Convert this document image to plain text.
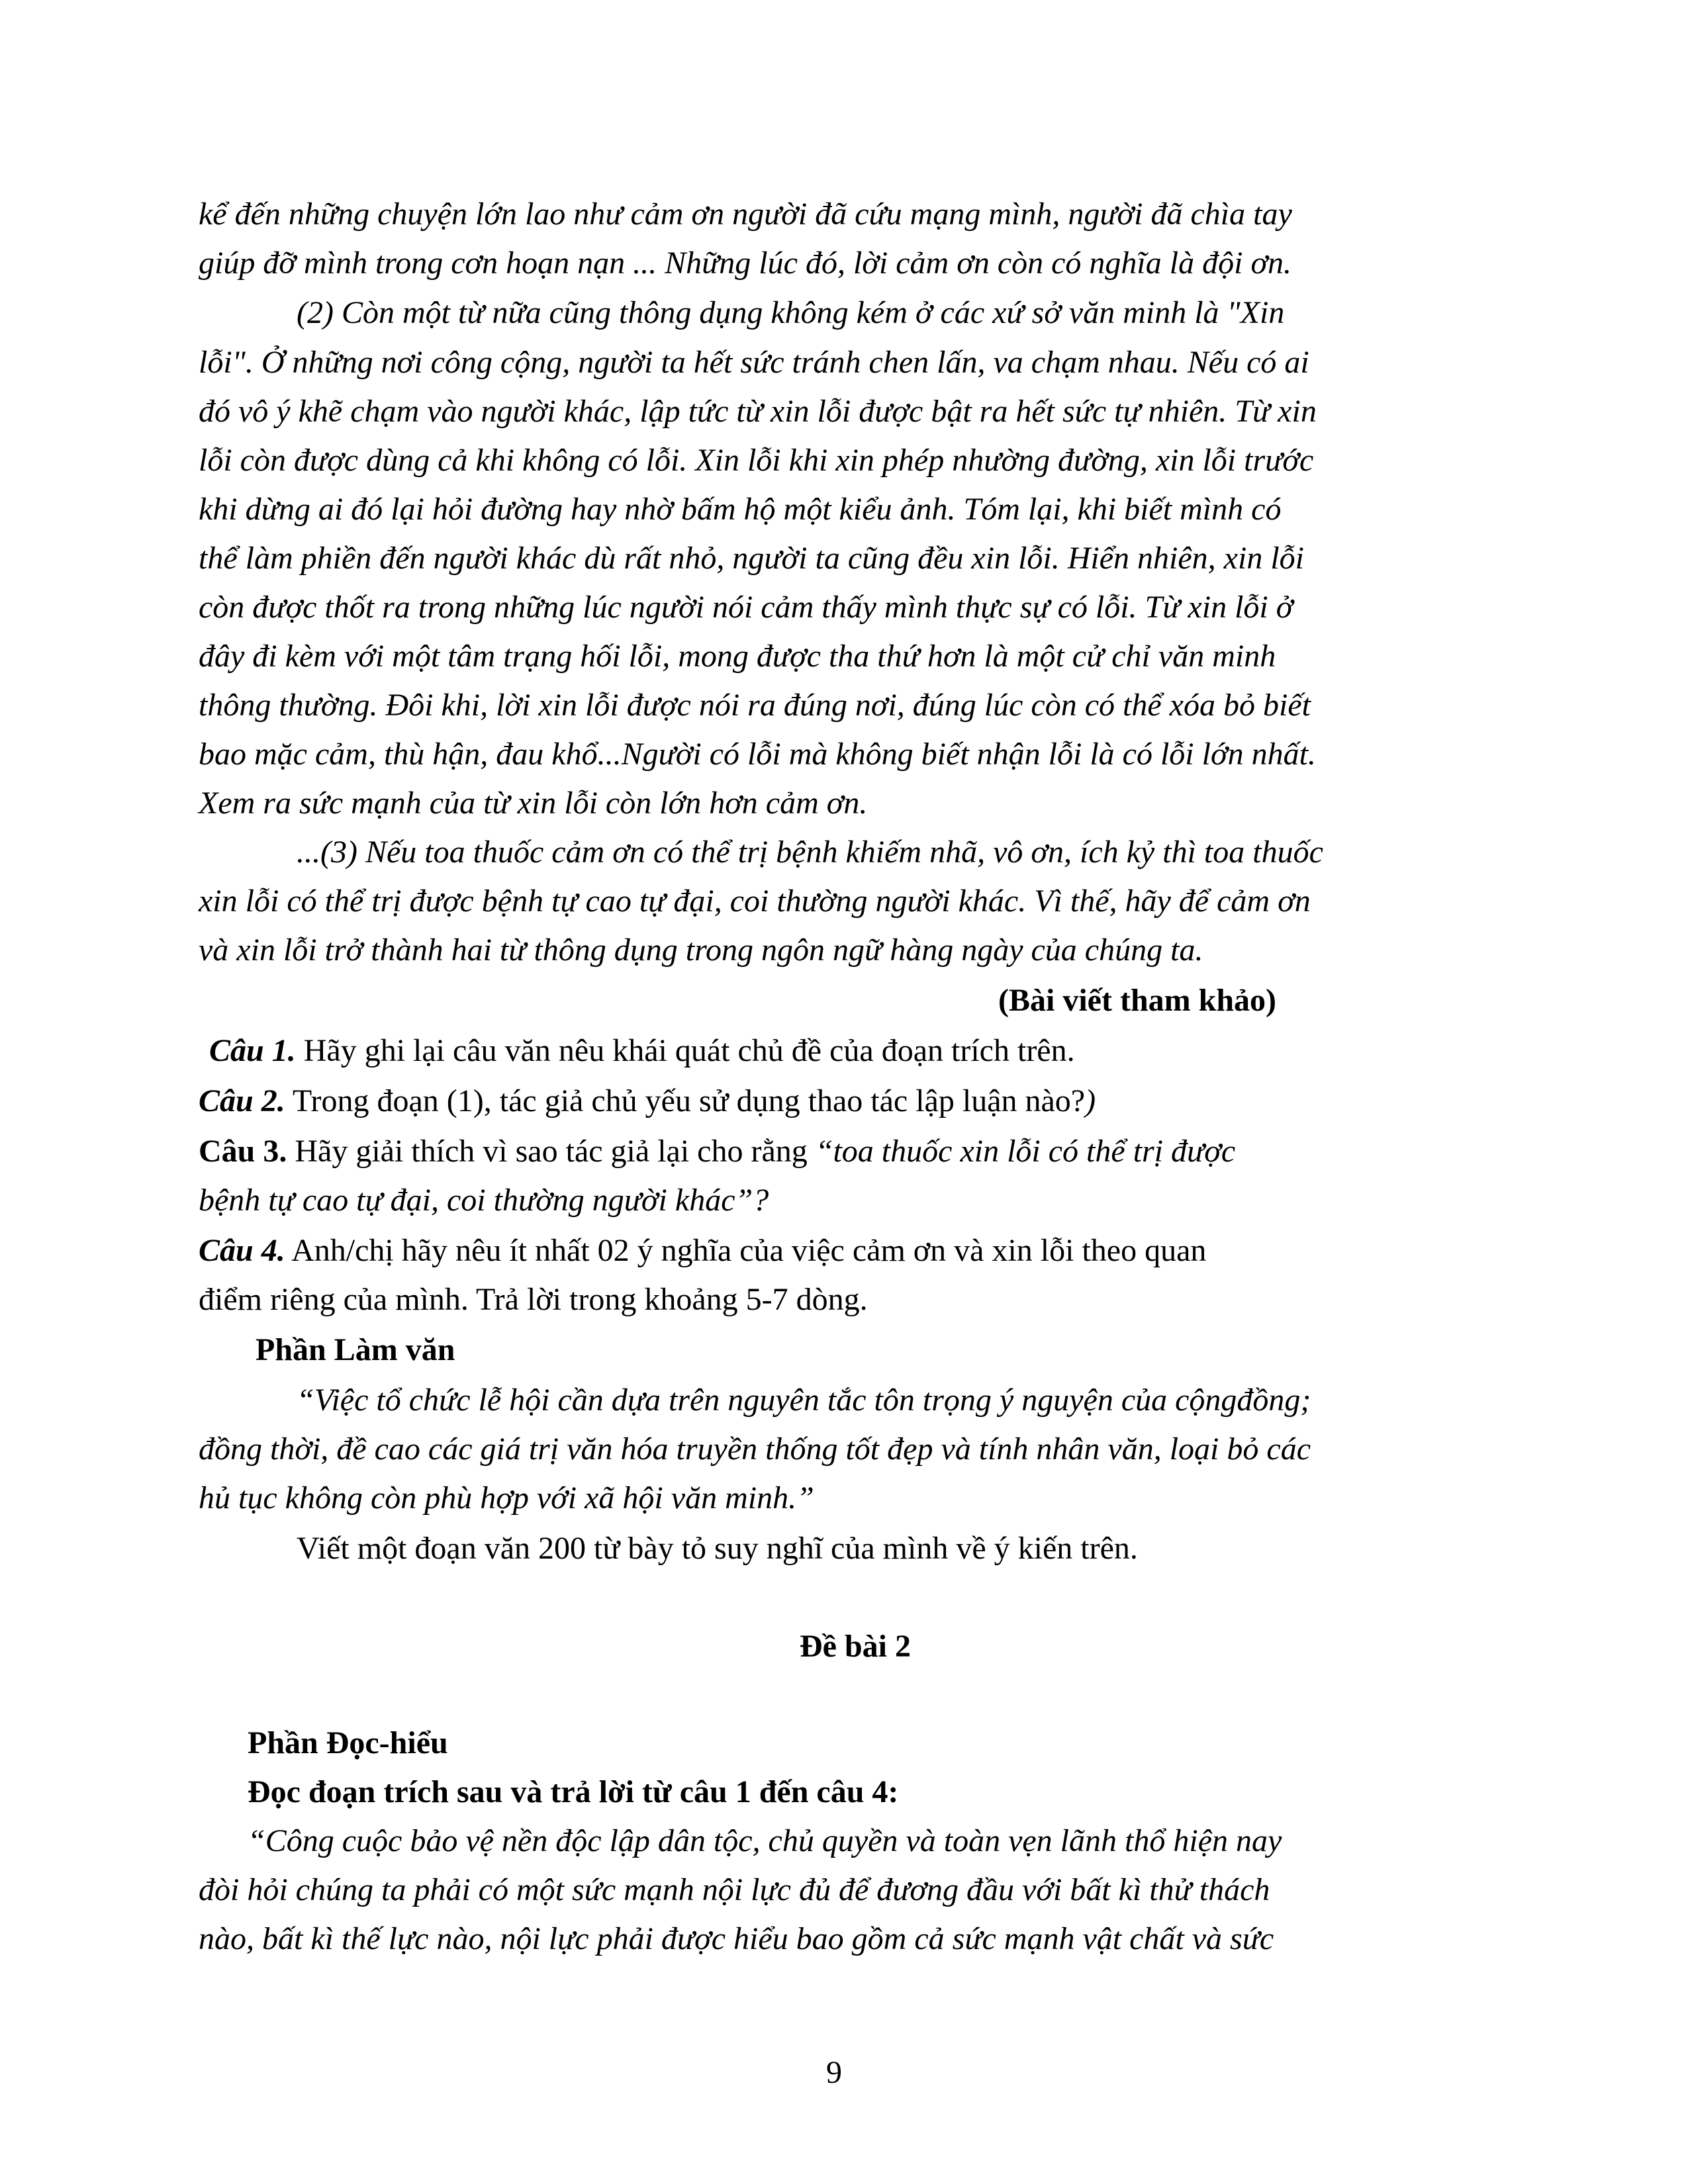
kể đến những chuyện lớn lao như cảm ơn người đã cứu mạng mình, người đã chìa tay
giúp đỡ mình trong cơn hoạn nạn ... Những lúc đó, lời cảm ơn còn có nghĩa là đội ơn.
(2) Còn một từ nữa cũng thông dụng không kém ở các xứ sở văn minh là "Xin
lỗi". Ở những nơi công cộng, người ta hết sức tránh chen lấn, va chạm nhau. Nếu có ai
đó vô ý khẽ chạm vào người khác, lập tức từ xin lỗi được bật ra hết sức tự nhiên. Từ xin
lỗi còn được dùng cả khi không có lỗi. Xin lỗi khi xin phép nhường đường, xin lỗi trước
khi dừng ai đó lại hỏi đường hay nhờ bấm hộ một kiểu ảnh. Tóm lại, khi biết mình có
thể làm phiền đến người khác dù rất nhỏ, người ta cũng đều xin lỗi. Hiển nhiên, xin lỗi
còn được thốt ra trong những lúc người nói cảm thấy mình thực sự có lỗi. Từ xin lỗi ở
đây đi kèm với một tâm trạng hối lỗi, mong được tha thứ hơn là một cử chỉ văn minh
thông thường. Đôi khi, lời xin lỗi được nói ra đúng nơi, đúng lúc còn có thể xóa bỏ biết
bao mặc cảm, thù hận, đau khổ...Người có lỗi mà không biết nhận lỗi là có lỗi lớn nhất.
Xem ra sức mạnh của từ xin lỗi còn lớn hơn cảm ơn.
...(3) Nếu toa thuốc cảm ơn có thể trị bệnh khiếm nhã, vô ơn, ích kỷ thì toa thuốc
xin lỗi có thể trị được bệnh tự cao tự đại, coi thường người khác. Vì thế, hãy để cảm ơn
và xin lỗi trở thành hai từ thông dụng trong ngôn ngữ hàng ngày của chúng ta.
(Bài viết tham khảo)
Câu 1. Hãy ghi lại câu văn nêu khái quát chủ đề của đoạn trích trên.
Câu 2. Trong đoạn (1), tác giả chủ yếu sử dụng thao tác lập luận nào?)
Câu 3. Hãy giải thích vì sao tác giả lại cho rằng “toa thuốc xin lỗi có thể trị được
bệnh tự cao tự đại, coi thường người khác”?
Câu 4. Anh/chị hãy nêu ít nhất 02 ý nghĩa của việc cảm ơn và xin lỗi theo quan
điểm riêng của mình. Trả lời trong khoảng 5-7 dòng.
Phần Làm văn
“Việc tổ chức lễ hội cần dựa trên nguyên tắc tôn trọng ý nguyện của cộngđồng;
đồng thời, đề cao các giá trị văn hóa truyền thống tốt đẹp và tính nhân văn, loại bỏ các
hủ tục không còn phù hợp với xã hội văn minh.”
Viết một đoạn văn 200 từ bày tỏ suy nghĩ của mình về ý kiến trên.
Đề bài 2
Phần Đọc-hiểu
Đọc đoạn trích sau và trả lời từ câu 1 đến câu 4:
“Công cuộc bảo vệ nền độc lập dân tộc, chủ quyền và toàn vẹn lãnh thổ hiện nay
đòi hỏi chúng ta phải có một sức mạnh nội lực đủ để đương đầu với bất kì thử thách
nào, bất kì thế lực nào, nội lực phải được hiểu bao gồm cả sức mạnh vật chất và sức
9
